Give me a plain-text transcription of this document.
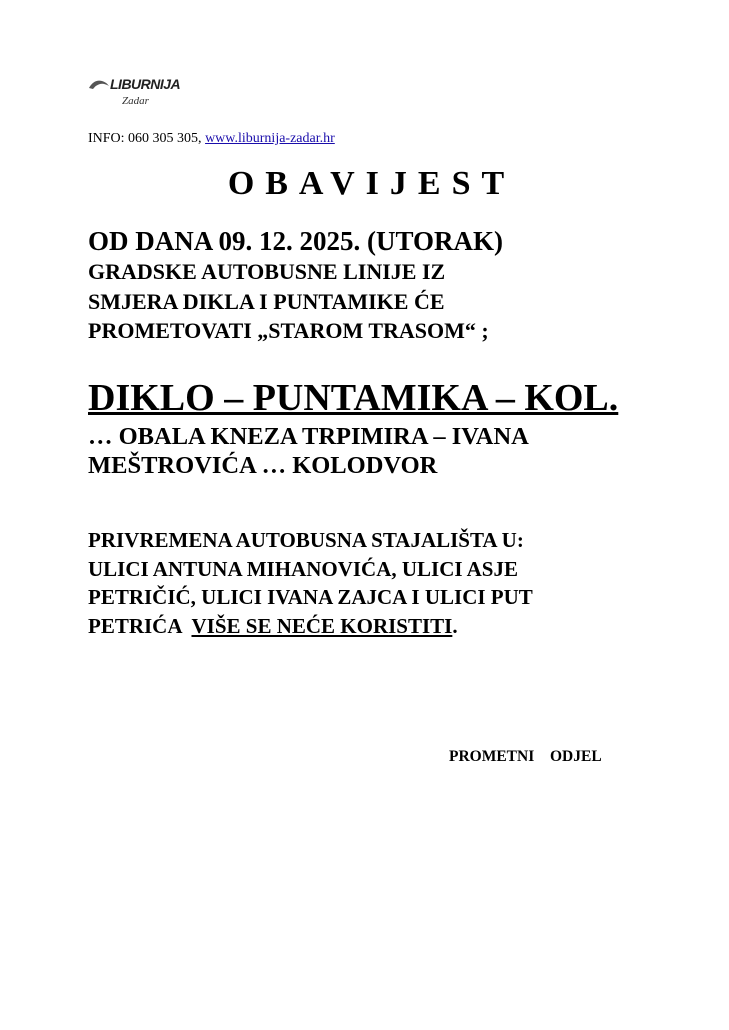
LIBURNIJA
Zadar
INFO: 060 305 305, www.liburnija-zadar.hr
OBAVIJEST
OD DANA 09. 12. 2025. (UTORAK)
GRADSKE AUTOBUSNE LINIJE IZ
SMJERA DIKLA I PUNTAMIKE ĆE
PROMETOVATI „STAROM TRASOM“ ;
DIKLO – PUNTAMIKA – KOL.
… OBALA KNEZA TRPIMIRA – IVANA
MEŠTROVIĆA … KOLODVOR
PRIVREMENA AUTOBUSNA STAJALIŠTA U:
ULICI ANTUNA MIHANOVIĆA, ULICI ASJE
PETRIČIĆ, ULICI IVANA ZAJCA I ULICI PUT
PETRIĆA  VIŠE SE NEĆE KORISTITI.
PROMETNI  ODJEL
